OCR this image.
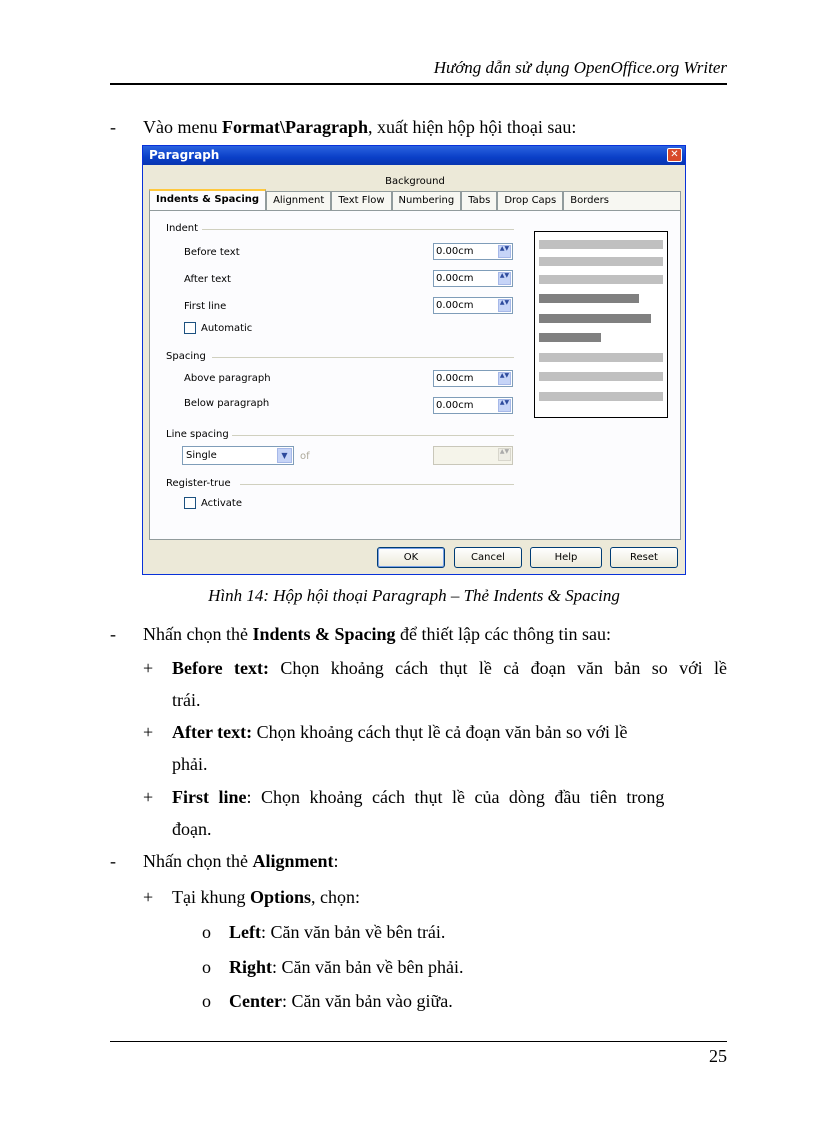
Hướng dẫn sử dụng OpenOffice.org Writer
- Vào menu Format\Paragraph, xuất hiện hộp hội thoại sau:
Paragraph	✕
Background
Indents & Spacing	Alignment	Text Flow	Numbering	Tabs	Drop Caps	Borders
Indent
Before text	0.00cm	▲▼
After text	0.00cm	▲▼
First line	0.00cm	▲▼
Automatic
Spacing
Above paragraph	0.00cm	▲▼
Below paragraph	0.00cm	▲▼
Line spacing
Single	▼	of	▲▼
Register-true
Activate
OK	Cancel	Help	Reset
Hình 14: Hộp hội thoại Paragraph – Thẻ Indents & Spacing
- Nhấn chọn thẻ Indents & Spacing để thiết lập các thông tin sau:
+ Before text: Chọn khoảng cách thụt lề cả đoạn văn bản so với lề
trái.
+ After text: Chọn khoảng cách thụt lề cả đoạn văn bản so với lề
phải.
+ First line: Chọn khoảng cách thụt lề của dòng đầu tiên trong
đoạn.
- Nhấn chọn thẻ Alignment:
+ Tại khung Options, chọn:
o Left: Căn văn bản về bên trái.
o Right: Căn văn bản về bên phải.
o Center: Căn văn bản vào giữa.
25
